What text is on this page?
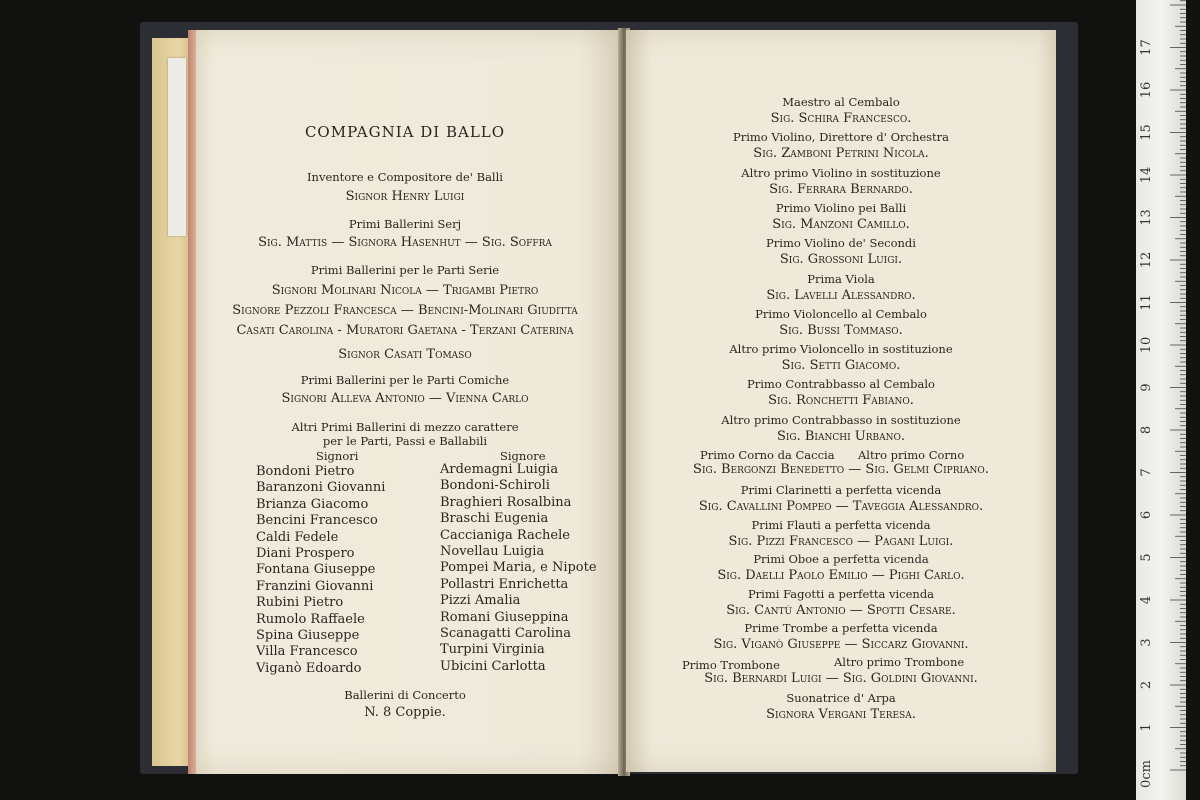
COMPAGNIA DI BALLO
Inventore e Compositore de' Balli
Signor Henry Luigi
Primi Ballerini Serj
Sig. Mattis — Signora Hasenhut — Sig. Soffra
Primi Ballerini per le Parti Serie
Signori Molinari Nicola — Trigambi Pietro
Signore Pezzoli Francesca — Bencini-Molinari Giuditta
Casati Carolina - Muratori Gaetana - Terzani Caterina
Signor Casati Tomaso
Primi Ballerini per le Parti Comiche
Signori Alleva Antonio — Vienna Carlo
Altri Primi Ballerini di mezzo carattere
per le Parti, Passi e Ballabili
Signori	Signore
Bondoni Pietro
Baranzoni Giovanni
Brianza Giacomo
Bencini Francesco
Caldi Fedele
Diani Prospero
Fontana Giuseppe
Franzini Giovanni
Rubini Pietro
Rumolo Raffaele
Spina Giuseppe
Villa Francesco
Viganò Edoardo
Ardemagni Luigia
Bondoni-Schiroli
Braghieri Rosalbina
Braschi Eugenia
Caccianiga Rachele
Novellau Luigia
Pompei Maria, e Nipote
Pollastri Enrichetta
Pizzi Amalia
Romani Giuseppina
Scanagatti Carolina
Turpini Virginia
Ubicini Carlotta
Ballerini di Concerto
N. 8 Coppie.
Maestro al Cembalo
Sig. Schira Francesco.
Primo Violino, Direttore d' Orchestra
Sig. Zamboni Petrini Nicola.
Altro primo Violino in sostituzione
Sig. Ferrara Bernardo.
Primo Violino pei Balli
Sig. Manzoni Camillo.
Primo Violino de' Secondi
Sig. Grossoni Luigi.
Prima Viola
Sig. Lavelli Alessandro.
Primo Violoncello al Cembalo
Sig. Bussi Tommaso.
Altro primo Violoncello in sostituzione
Sig. Setti Giacomo.
Primo Contrabbasso al Cembalo
Sig. Ronchetti Fabiano.
Altro primo Contrabbasso in sostituzione
Sig. Bianchi Urbano.
Primo Corno da Caccia Altro primo Corno
Sig. Bergonzi Benedetto — Sig. Gelmi Cipriano.
Primi Clarinetti a perfetta vicenda
Sig. Cavallini Pompeo — Taveggia Alessandro.
Primi Flauti a perfetta vicenda
Sig. Pizzi Francesco — Pagani Luigi.
Primi Oboe a perfetta vicenda
Sig. Daelli Paolo Emilio — Pighi Carlo.
Primi Fagotti a perfetta vicenda
Sig. Cantù Antonio — Spotti Cesare.
Prime Trombe a perfetta vicenda
Sig. Viganò Giuseppe — Siccarz Giovanni.
Primo Trombone	Altro primo Trombone
Sig. Bernardi Luigi — Sig. Goldini Giovanni.
Suonatrice d' Arpa
Signora Vergani Teresa.
0cm
1
2
3
4
5
6
7
8
9
10
11
12
13
14
15
16
17
